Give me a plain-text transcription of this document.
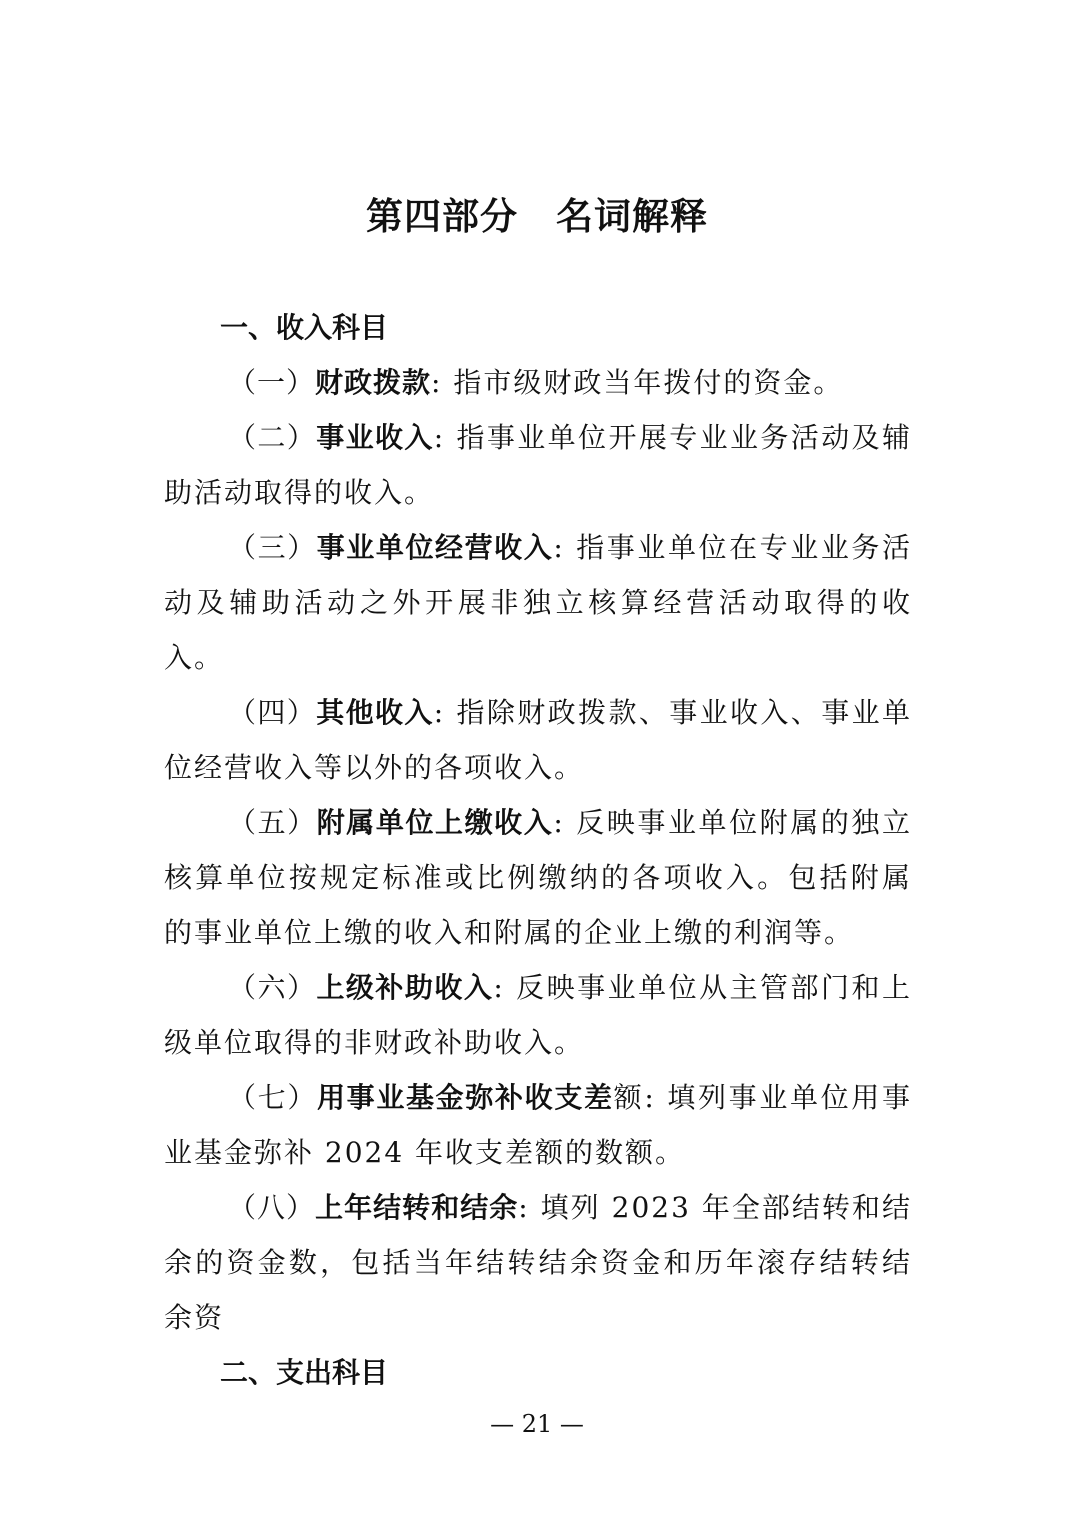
第四部分　名词解释
一、收入科目

（一）财政拨款: 指市级财政当年拨付的资金。

（二）事业收入: 指事业单位开展专业业务活动及辅助活动取得的收入。

（三）事业单位经营收入: 指事业单位在专业业务活动及辅助活动之外开展非独立核算经营活动取得的收入。

（四）其他收入: 指除财政拨款、事业收入、事业单位经营收入等以外的各项收入。

（五）附属单位上缴收入: 反映事业单位附属的独立核算单位按规定标准或比例缴纳的各项收入。包括附属的事业单位上缴的收入和附属的企业上缴的利润等。

（六）上级补助收入: 反映事业单位从主管部门和上级单位取得的非财政补助收入。

（七）用事业基金弥补收支差额: 填列事业单位用事业基金弥补 2024 年收支差额的数额。

（八）上年结转和结余: 填列 2023 年全部结转和结余的资金数，包括当年结转结余资金和历年滚存结转结余资

二、支出科目
— 21 —
